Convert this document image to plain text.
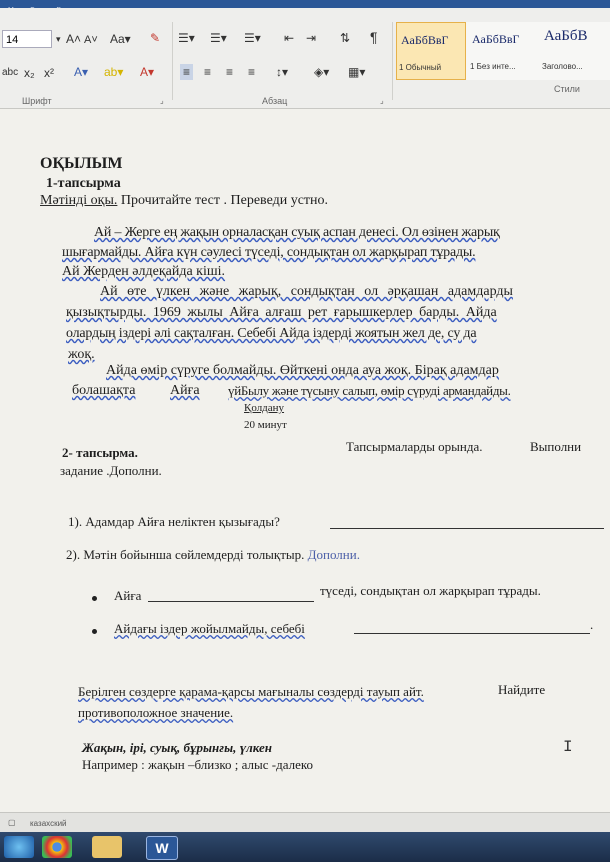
14	▾ A˄ A˅ Aa▾ ✎ ☰▾ ☰▾ ☰▾ ⇤ ⇥ ⇅ ¶
abc x₂ x² A▾ ab▾ A▾ ≡ ≡ ≡ ≡ ↕▾ ◈▾ ▦▾
АаБбВвГ
1 Обычный
АаБбВвГ
1 Без инте...
АаБбВ
Заголово...
Шрифт	⌟	Абзац	⌟
Стили
ОҚЫЛЫМ
1-тапсырма
Мәтінді оқы. Прочитайте тест . Переведи устно.
Ай – Жерге ең жақын орналасқан суық аспан денесі. Ол өзінен жарық
шығармайды. Айға күн сәулесі түседі, сондықтан ол жарқырап тұрады.
Ай Жерден әлдеқайда кіші.
Ай өте үлкен және жарық, сондықтан ол әрқашан адамдарды
қызықтырды. 1969 жылы Айға алғаш рет ғарышкерлер барды. Айда
олардың іздері әлі сақталған. Себебі Айда іздерді жоятын жел де, су да
жоқ.
Айда өмір сүруге болмайды. Өйткені онда ауа жоқ. Бірақ адамдар
болашақта Айға үйБылу және түсыну салып, өмір сүруді армандайды.
Қолдану
20 минут
2- тапсырма.	Тапсырмаларды орында.	Выполни
задание .Дополни.
1). Адамдар Айға неліктен қызығады?
2). Мәтін бойынша сөйлемдерді толықтыр. Дополни.
Айға	түседі, сондықтан ол жарқырап тұрады.
Айдағы іздер жойылмайды, себебі	.
Берілген сөздерге қарама-қарсы мағыналы сөздерді тауып айт.	Найдите
противоположное значение.
Жақын, ірі, суық, бұрынғы, үлкен
Например : жақын –близко ; алыс -далеко
I
▢ казахский
W
